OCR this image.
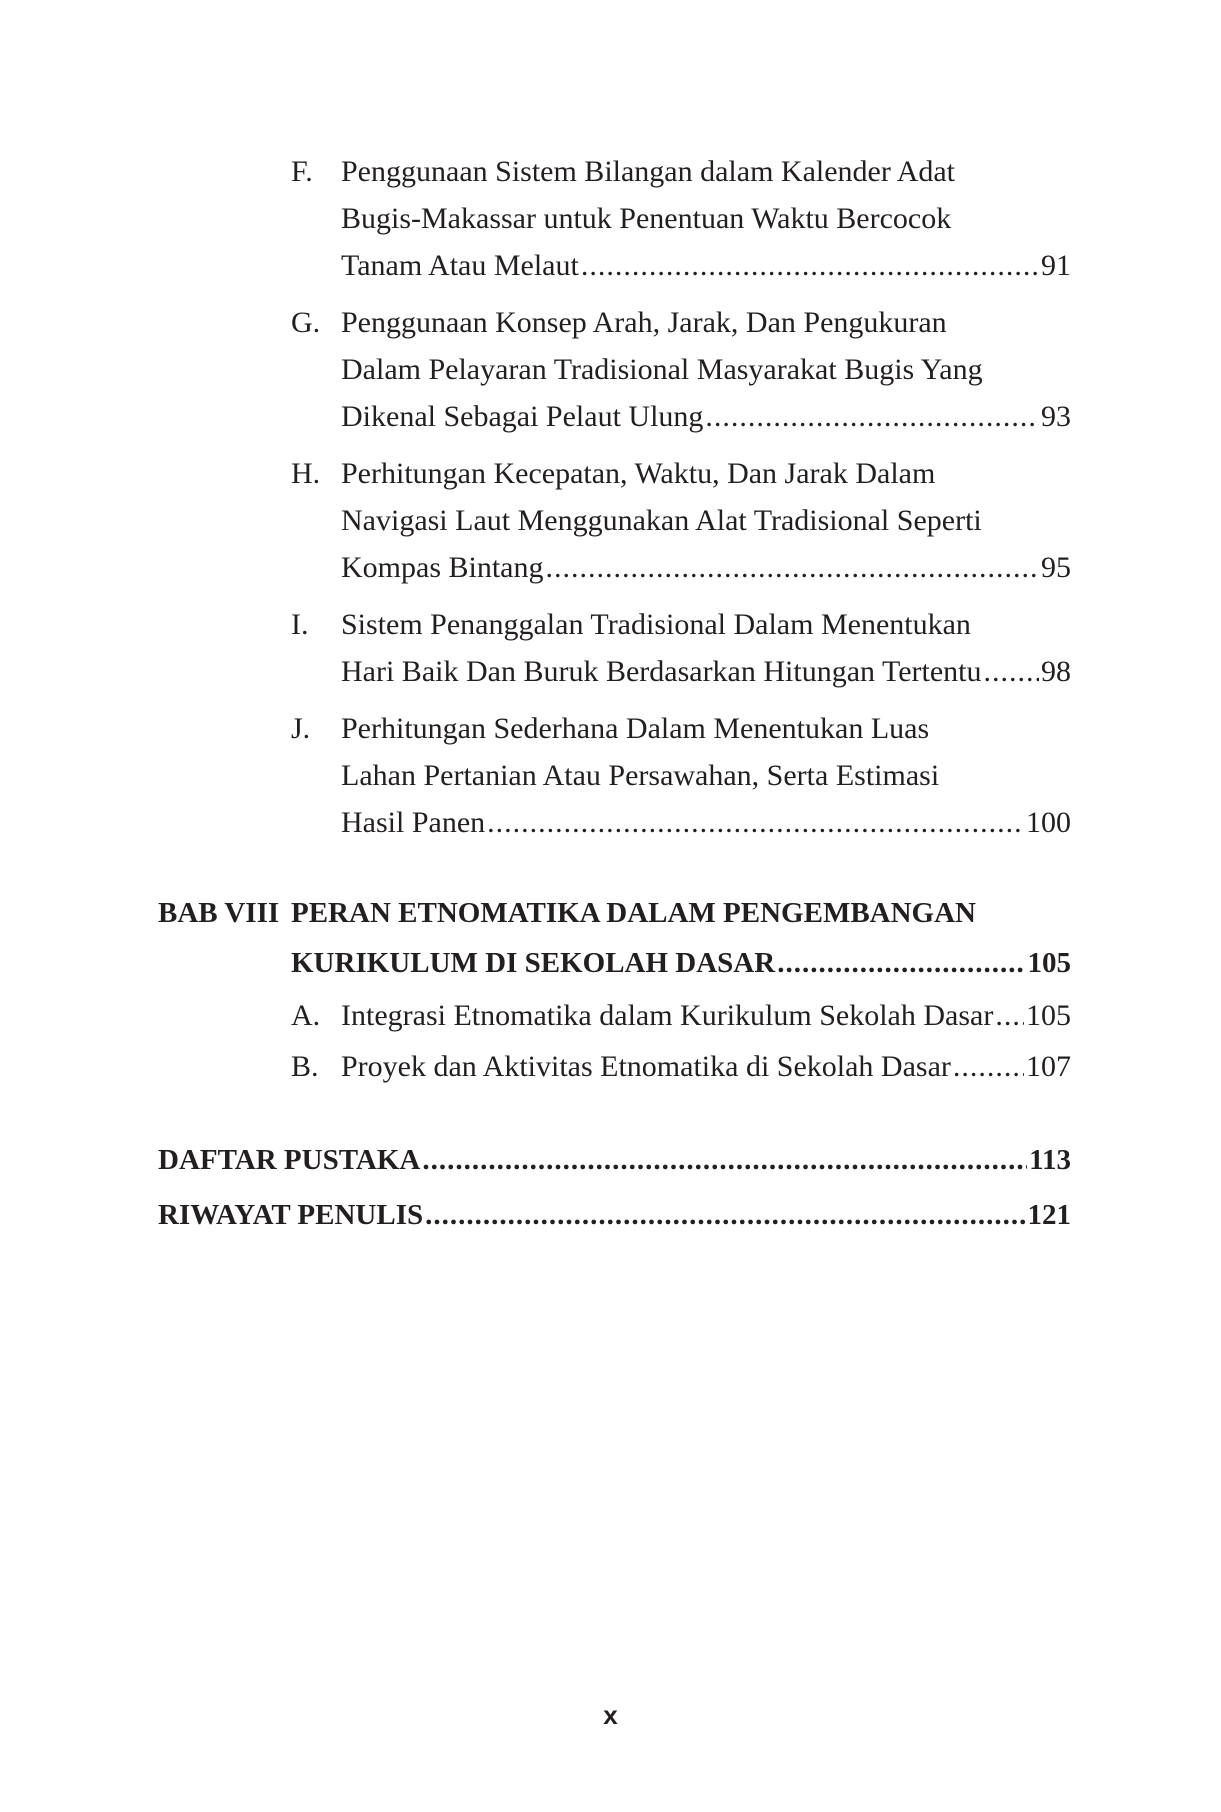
F. Penggunaan Sistem Bilangan dalam Kalender Adat
Bugis-Makassar untuk Penentuan Waktu Bercocok
Tanam Atau Melaut .....	91
G. Penggunaan Konsep Arah, Jarak, Dan Pengukuran
Dalam Pelayaran Tradisional Masyarakat Bugis Yang
Dikenal Sebagai Pelaut Ulung .....	93
H. Perhitungan Kecepatan, Waktu, Dan Jarak Dalam
Navigasi Laut Menggunakan Alat Tradisional Seperti
Kompas Bintang .....	95
I. Sistem Penanggalan Tradisional Dalam Menentukan
Hari Baik Dan Buruk Berdasarkan Hitungan Tertentu ..... 98
J. Perhitungan Sederhana Dalam Menentukan Luas
Lahan Pertanian Atau Persawahan, Serta Estimasi
Hasil Panen .....	100
BAB VIII PERAN ETNOMATIKA DALAM PENGEMBANGAN
KURIKULUM DI SEKOLAH DASAR .....	105
A. Integrasi Etnomatika dalam Kurikulum Sekolah Dasar ..... 105
B. Proyek dan Aktivitas Etnomatika di Sekolah Dasar .....	107
DAFTAR PUSTAKA .....	113
RIWAYAT PENULIS .....	121
x
